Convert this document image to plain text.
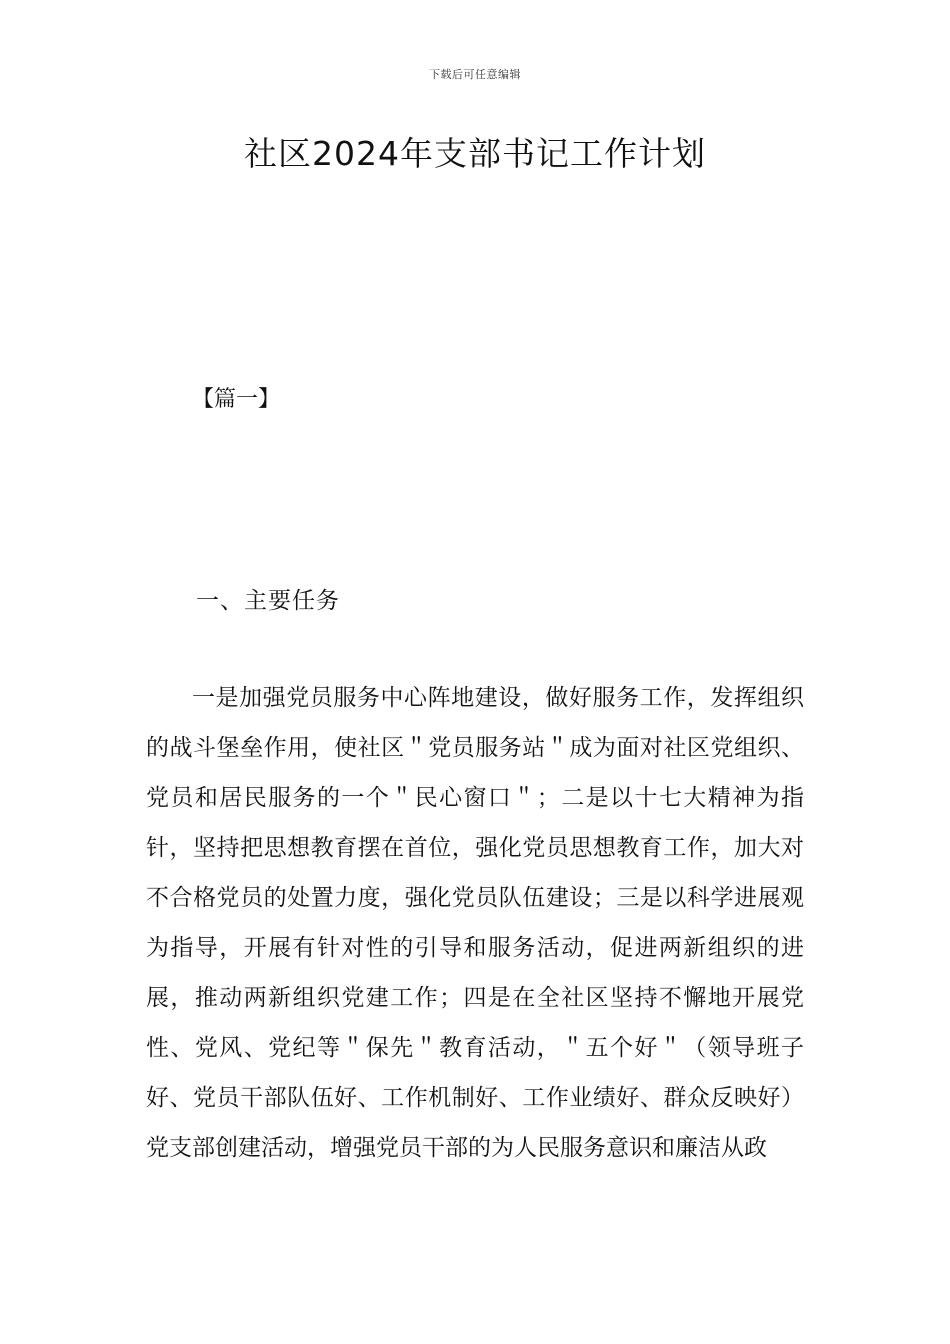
下载后可任意编辑
社区2024年支部书记工作计划
【篇一】
一、主要任务

一是加强党员服务中心阵地建设，做好服务工作，发挥组织的战斗堡垒作用，使社区＂党员服务站＂成为面对社区党组织、党员和居民服务的一个＂民心窗口＂；二是以十七大精神为指针，坚持把思想教育摆在首位，强化党员思想教育工作，加大对不合格党员的处置力度，强化党员队伍建设；三是以科学进展观为指导，开展有针对性的引导和服务活动，促进两新组织的进展，推动两新组织党建工作；四是在全社区坚持不懈地开展党性、党风、党纪等＂保先＂教育活动，＂五个好＂（领导班子好、党员干部队伍好、工作机制好、工作业绩好、群众反映好）党支部创建活动，增强党员干部的为人民服务意识和廉洁从政
